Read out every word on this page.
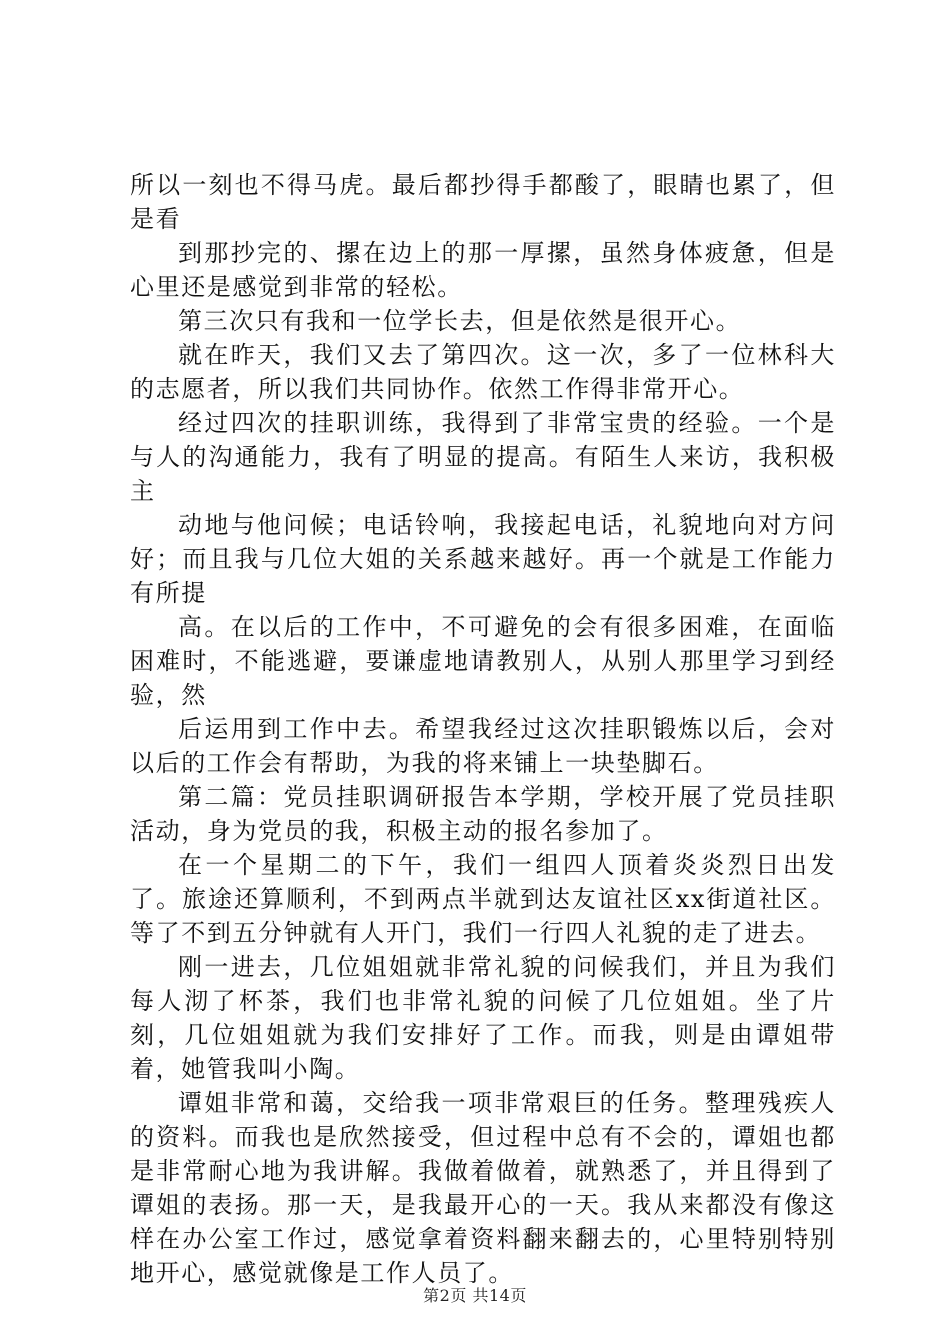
所以一刻也不得马虎。最后都抄得手都酸了，眼睛也累了，但是看

到那抄完的、摞在边上的那一厚摞，虽然身体疲惫，但是心里还是感觉到非常的轻松。

第三次只有我和一位学长去，但是依然是很开心。

就在昨天，我们又去了第四次。这一次，多了一位林科大的志愿者，所以我们共同协作。依然工作得非常开心。

经过四次的挂职训练，我得到了非常宝贵的经验。一个是与人的沟通能力，我有了明显的提高。有陌生人来访，我积极主

动地与他问候；电话铃响，我接起电话，礼貌地向对方问好；而且我与几位大姐的关系越来越好。再一个就是工作能力有所提

高。在以后的工作中，不可避免的会有很多困难，在面临困难时，不能逃避，要谦虚地请教别人，从别人那里学习到经验，然

后运用到工作中去。希望我经过这次挂职锻炼以后，会对以后的工作会有帮助，为我的将来铺上一块垫脚石。

第二篇：党员挂职调研报告本学期，学校开展了党员挂职活动，身为党员的我，积极主动的报名参加了。

在一个星期二的下午，我们一组四人顶着炎炎烈日出发了。旅途还算顺利，不到两点半就到达友谊社区xx街道社区。等了不到五分钟就有人开门，我们一行四人礼貌的走了进去。

刚一进去，几位姐姐就非常礼貌的问候我们，并且为我们每人沏了杯茶，我们也非常礼貌的问候了几位姐姐。坐了片刻，几位姐姐就为我们安排好了工作。而我，则是由谭姐带着，她管我叫小陶。

谭姐非常和蔼，交给我一项非常艰巨的任务。整理残疾人的资料。而我也是欣然接受，但过程中总有不会的，谭姐也都是非常耐心地为我讲解。我做着做着，就熟悉了，并且得到了谭姐的表扬。那一天，是我最开心的一天。我从来都没有像这样在办公室工作过，感觉拿着资料翻来翻去的，心里特别特别地开心，感觉就像是工作人员了。

第2页 共14页
